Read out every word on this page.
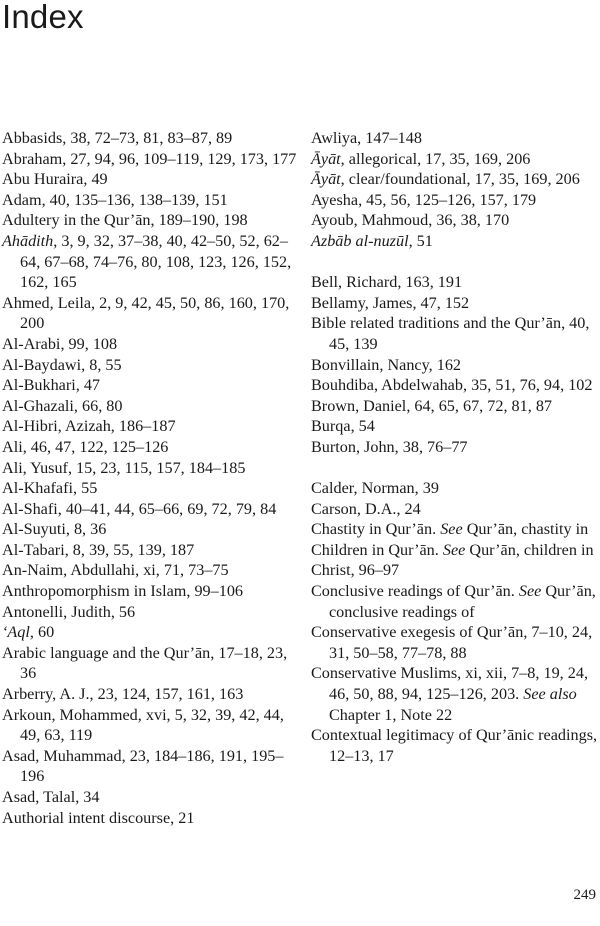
Index
Abbasids, 38, 72–73, 81, 83–87, 89
Abraham, 27, 94, 96, 109–119, 129, 173, 177
Abu Huraira, 49
Adam, 40, 135–136, 138–139, 151
Adultery in the Qur’ān, 189–190, 198
Ahādith, 3, 9, 32, 37–38, 40, 42–50, 52, 62–64, 67–68, 74–76, 80, 108, 123, 126, 152, 162, 165
Ahmed, Leila, 2, 9, 42, 45, 50, 86, 160, 170, 200
Al-Arabi, 99, 108
Al-Baydawi, 8, 55
Al-Bukhari, 47
Al-Ghazali, 66, 80
Al-Hibri, Azizah, 186–187
Ali, 46, 47, 122, 125–126
Ali, Yusuf, 15, 23, 115, 157, 184–185
Al-Khafafi, 55
Al-Shafi, 40–41, 44, 65–66, 69, 72, 79, 84
Al-Suyuti, 8, 36
Al-Tabari, 8, 39, 55, 139, 187
An-Naim, Abdullahi, xi, 71, 73–75
Anthropomorphism in Islam, 99–106
Antonelli, Judith, 56
‘Aql, 60
Arabic language and the Qur’ān, 17–18, 23, 36
Arberry, A. J., 23, 124, 157, 161, 163
Arkoun, Mohammed, xvi, 5, 32, 39, 42, 44, 49, 63, 119
Asad, Muhammad, 23, 184–186, 191, 195–196
Asad, Talal, 34
Authorial intent discourse, 21
Awliya, 147–148
Āyāt, allegorical, 17, 35, 169, 206
Āyāt, clear/foundational, 17, 35, 169, 206
Ayesha, 45, 56, 125–126, 157, 179
Ayoub, Mahmoud, 36, 38, 170
Azbāb al-nuzūl, 51
Bell, Richard, 163, 191
Bellamy, James, 47, 152
Bible related traditions and the Qur’ān, 40, 45, 139
Bonvillain, Nancy, 162
Bouhdiba, Abdelwahab, 35, 51, 76, 94, 102
Brown, Daniel, 64, 65, 67, 72, 81, 87
Burqa, 54
Burton, John, 38, 76–77
Calder, Norman, 39
Carson, D.A., 24
Chastity in Qur’ān. See Qur’ān, chastity in
Children in Qur’ān. See Qur’ān, children in
Christ, 96–97
Conclusive readings of Qur’ān. See Qur’ān, conclusive readings of
Conservative exegesis of Qur’ān, 7–10, 24, 31, 50–58, 77–78, 88
Conservative Muslims, xi, xii, 7–8, 19, 24, 46, 50, 88, 94, 125–126, 203. See also Chapter 1, Note 22
Contextual legitimacy of Qur’ānic readings, 12–13, 17
249
